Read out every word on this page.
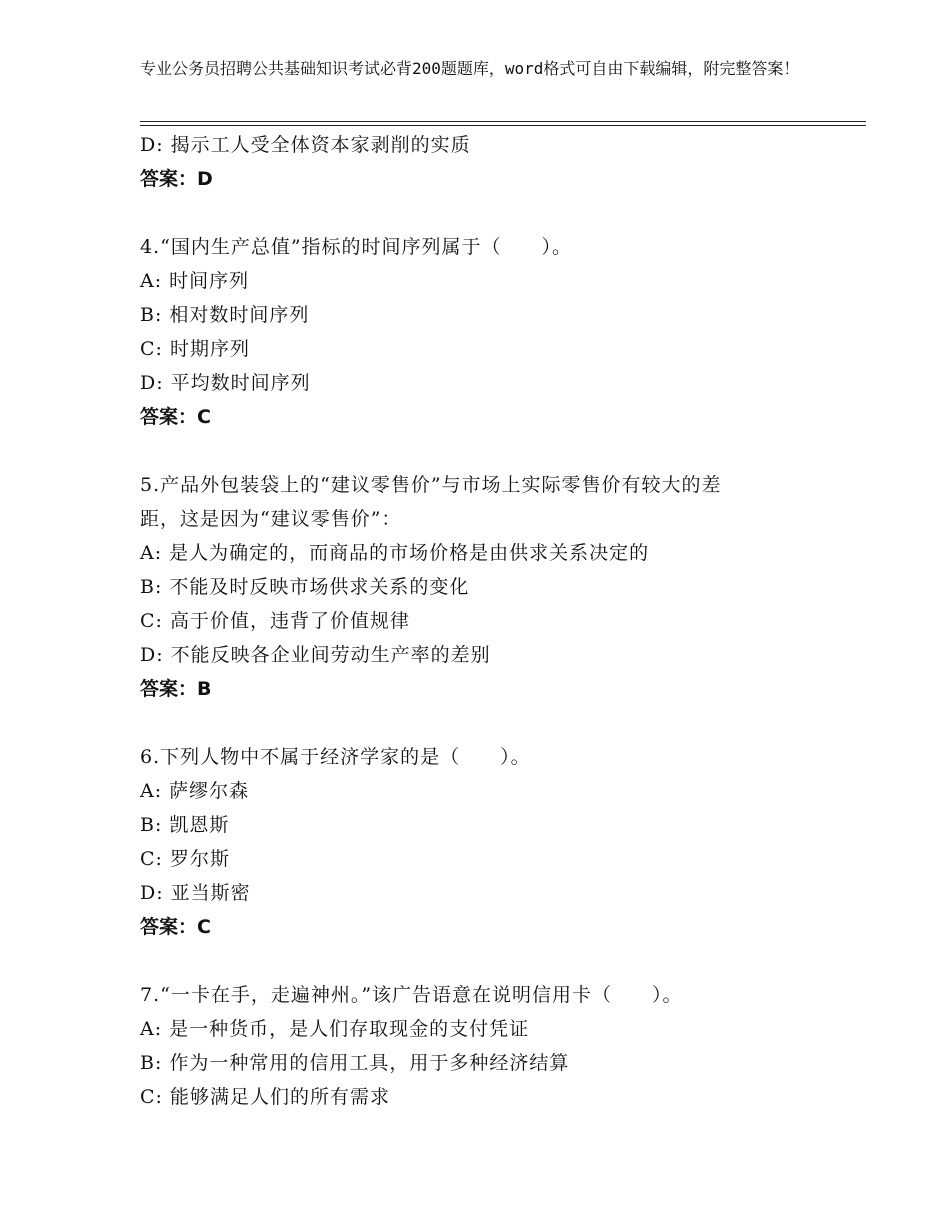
专业公务员招聘公共基础知识考试必背200题题库，word格式可自由下载编辑，附完整答案！
D: 揭示工人受全体资本家剥削的实质
答案：D
4.“国内生产总值”指标的时间序列属于（　　）。
A: 时间序列
B: 相对数时间序列
C: 时期序列
D: 平均数时间序列
答案：C
5.产品外包装袋上的“建议零售价”与市场上实际零售价有较大的差
距，这是因为“建议零售价”：
A: 是人为确定的，而商品的市场价格是由供求关系决定的
B: 不能及时反映市场供求关系的变化
C: 高于价值，违背了价值规律
D: 不能反映各企业间劳动生产率的差别
答案：B
6.下列人物中不属于经济学家的是（　　）。
A: 萨缪尔森
B: 凯恩斯
C: 罗尔斯
D: 亚当斯密
答案：C
7.“一卡在手，走遍神州。”该广告语意在说明信用卡（　　）。
A: 是一种货币，是人们存取现金的支付凭证
B: 作为一种常用的信用工具，用于多种经济结算
C: 能够满足人们的所有需求
